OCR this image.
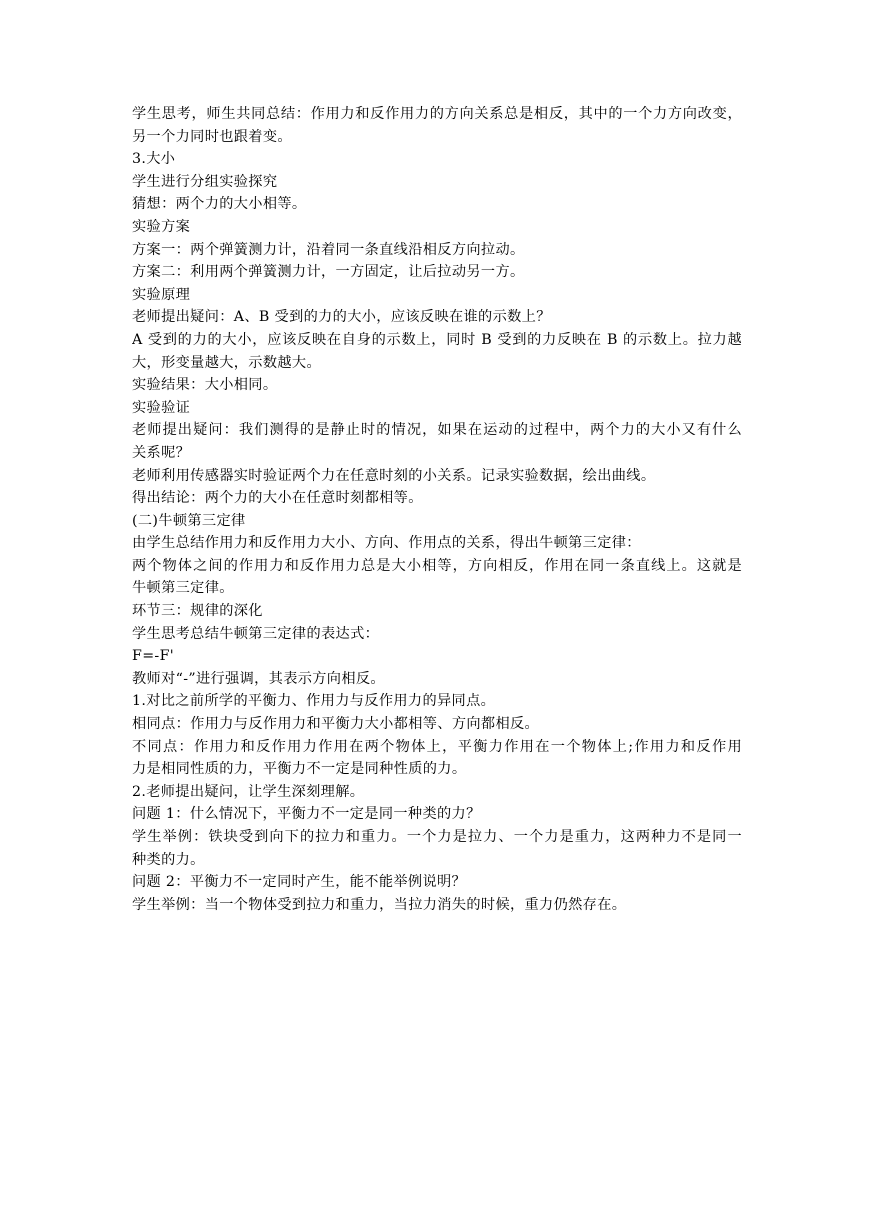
学生思考，师生共同总结：作用力和反作用力的方向关系总是相反，其中的一个力方向改变，
另一个力同时也跟着变。
3.大小
学生进行分组实验探究
猜想：两个力的大小相等。
实验方案
方案一：两个弹簧测力计，沿着同一条直线沿相反方向拉动。
方案二：利用两个弹簧测力计，一方固定，让后拉动另一方。
实验原理
老师提出疑问：A、B 受到的力的大小，应该反映在谁的示数上？
A 受到的力的大小，应该反映在自身的示数上，同时 B 受到的力反映在 B 的示数上。拉力越
大，形变量越大，示数越大。
实验结果：大小相同。
实验验证
老师提出疑问：我们测得的是静止时的情况，如果在运动的过程中，两个力的大小又有什么
关系呢？
老师利用传感器实时验证两个力在任意时刻的小关系。记录实验数据，绘出曲线。
得出结论：两个力的大小在任意时刻都相等。
(二)牛顿第三定律
由学生总结作用力和反作用力大小、方向、作用点的关系，得出牛顿第三定律：
两个物体之间的作用力和反作用力总是大小相等，方向相反，作用在同一条直线上。这就是
牛顿第三定律。
环节三：规律的深化
学生思考总结牛顿第三定律的表达式：
F=-F'
教师对“-”进行强调，其表示方向相反。
1.对比之前所学的平衡力、作用力与反作用力的异同点。
相同点：作用力与反作用力和平衡力大小都相等、方向都相反。
不同点：作用力和反作用力作用在两个物体上，平衡力作用在一个物体上;作用力和反作用
力是相同性质的力，平衡力不一定是同种性质的力。
2.老师提出疑问，让学生深刻理解。
问题 1：什么情况下，平衡力不一定是同一种类的力？
学生举例：铁块受到向下的拉力和重力。一个力是拉力、一个力是重力，这两种力不是同一
种类的力。
问题 2：平衡力不一定同时产生，能不能举例说明？
学生举例：当一个物体受到拉力和重力，当拉力消失的时候，重力仍然存在。
